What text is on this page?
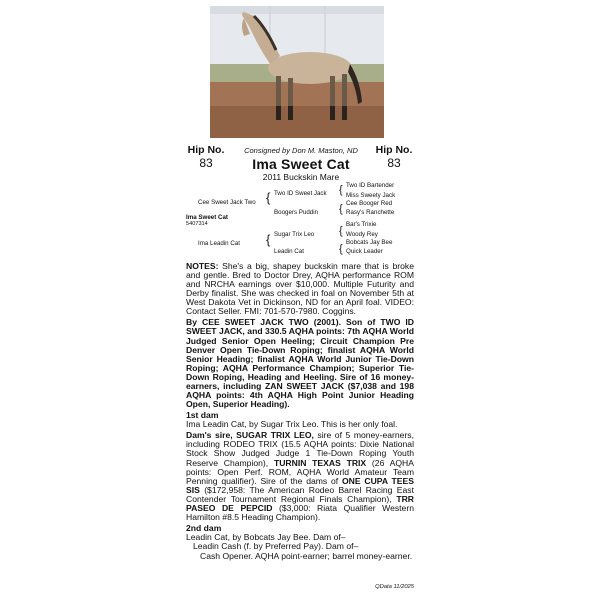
Hip No.
83
Hip No.
83
Consigned by Don M. Maston, ND
Ima Sweet Cat
2011 Buckskin Mare
Cee Sweet Jack Two
Ima Sweet Cat
5407314
Ima Leadin Cat
{
{
Two ID Sweet Jack
Boogers Puddin
Sugar Trix Leo
Leadin Cat
{
{
{
{
Two ID Bartender
Miss Sweety Jack
Cee Booger Red
Rasy's Ranchette
Bar's Trixie
Woody Rey
Bobcats Jay Bee
Quick Leader

NOTES: She's a big, shapey buckskin mare that is broke and gentle. Bred to Doctor Drey, AQHA performance ROM and NRCHA earnings over $10,000. Multiple Futurity and Derby finalist. She was checked in foal on November 5th at West Dakota Vet in Dickinson, ND for an April foal. VIDEO: Contact Seller. FMI: 701-570-7980. Coggins.

By CEE SWEET JACK TWO (2001). Son of TWO ID SWEET JACK, and 330.5 AQHA points: 7th AQHA World Judged Senior Open Heeling; Circuit Champion Pre Denver Open Tie-Down Roping; finalist AQHA World Senior Heading; finalist AQHA World Junior Tie-Down Roping; AQHA Performance Champion; Superior Tie-Down Roping, Heading and Heeling. Sire of 16 money-earners, including ZAN SWEET JACK ($7,038 and 198 AQHA points: 4th AQHA High Point Junior Heading Open, Superior Heading).

1st dam

Ima Leadin Cat, by Sugar Trix Leo. This is her only foal.

Dam's sire, SUGAR TRIX LEO, sire of 5 money-earners, including RODEO TRIX (15.5 AQHA points: Dixie National Stock Show Judged Judge 1 Tie-Down Roping Youth Reserve Champion), TURNIN TEXAS TRIX (26 AQHA points: Open Perf. ROM, AQHA World Amateur Team Penning qualifier). Sire of the dams of ONE CUPA TEES SIS ($172,958: The American Rodeo Barrel Racing East Contender Tournament Regional Finals Champion), TRR PASEO DE PEPCID ($3,000: Riata Qualifier Western Hamilton #8.5 Heading Champion).

2nd dam
Leadin Cat, by Bobcats Jay Bee. Dam of–
Leadin Cash (f. by Preferred Pay). Dam of–
Cash Opener. AQHA point-earner; barrel money-earner.
QData 11/2025
